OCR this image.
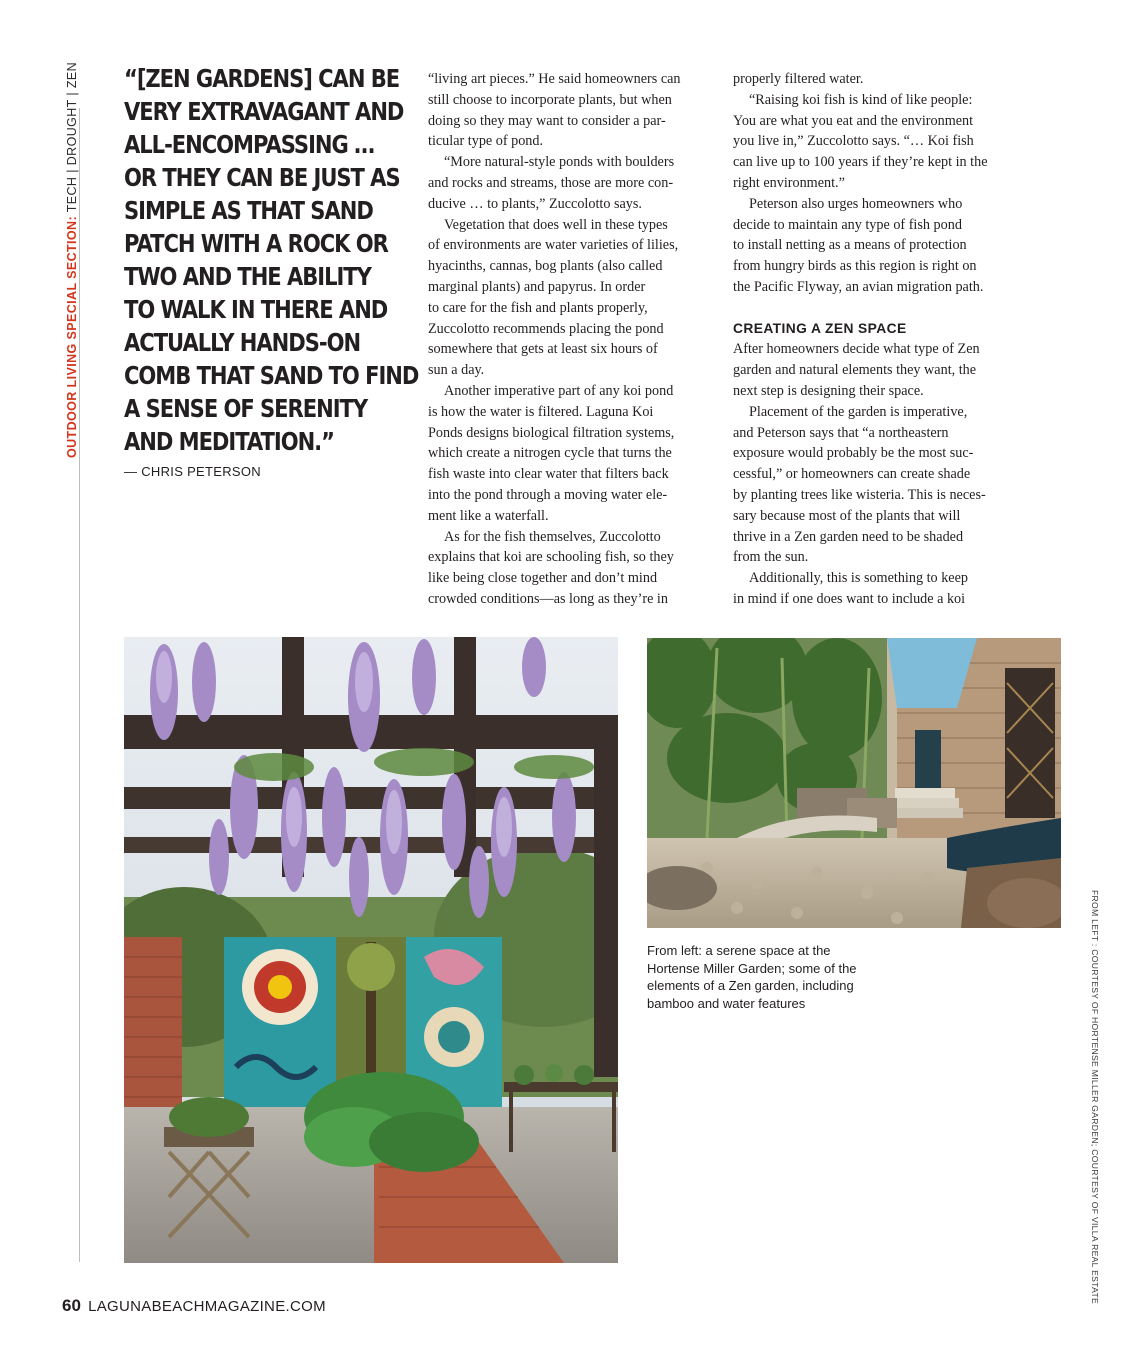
OUTDOOR LIVING SPECIAL SECTION: TECH | DROUGHT | ZEN “[ZEN GARDENS] CAN BE
VERY EXTRAVAGANT AND
ALL-ENCOMPASSING …
OR THEY CAN BE JUST AS
SIMPLE AS THAT SAND
PATCH WITH A ROCK OR
TWO AND THE ABILITY
TO WALK IN THERE AND
ACTUALLY HANDS-ON
COMB THAT SAND TO FIND
A SENSE OF SERENITY
AND MEDITATION.”
— CHRIS PETERSON
“living art pieces.” He said homeowners can
still choose to incorporate plants, but when
doing so they may want to consider a par-
ticular type of pond.
“More natural-style ponds with boulders
and rocks and streams, those are more con-
ducive … to plants,” Zuccolotto says.
Vegetation that does well in these types
of environments are water varieties of lilies,
hyacinths, cannas, bog plants (also called
marginal plants) and papyrus. In order
to care for the fish and plants properly,
Zuccolotto recommends placing the pond
somewhere that gets at least six hours of
sun a day.
Another imperative part of any koi pond
is how the water is filtered. Laguna Koi
Ponds designs biological filtration systems,
which create a nitrogen cycle that turns the
fish waste into clear water that filters back
into the pond through a moving water ele-
ment like a waterfall.
As for the fish themselves, Zuccolotto
explains that koi are schooling fish, so they
like being close together and don’t mind
crowded conditions—as long as they’re in
properly filtered water.
“Raising koi fish is kind of like people:
You are what you eat and the environment
you live in,” Zuccolotto says. “… Koi fish
can live up to 100 years if they’re kept in the
right environment.”
Peterson also urges homeowners who
decide to maintain any type of fish pond
to install netting as a means of protection
from hungry birds as this region is right on
the Pacific Flyway, an avian migration path.
CREATING A ZEN SPACE
After homeowners decide what type of Zen
garden and natural elements they want, the
next step is designing their space.
Placement of the garden is imperative,
and Peterson says that “a northeastern
exposure would probably be the most suc-
cessful,” or homeowners can create shade
by planting trees like wisteria. This is neces-
sary because most of the plants that will
thrive in a Zen garden need to be shaded
from the sun.
Additionally, this is something to keep
in mind if one does want to include a koi
From left: a serene space at the
Hortense Miller Garden; some of the
elements of a Zen garden, including
bamboo and water features	FROM LEFT : COURTESY OF HORTENSE MILLER GARDEN; COURTESY OF VILLA REAL ESTATE
60 LAGUNABEACHMAGAZINE.COM
